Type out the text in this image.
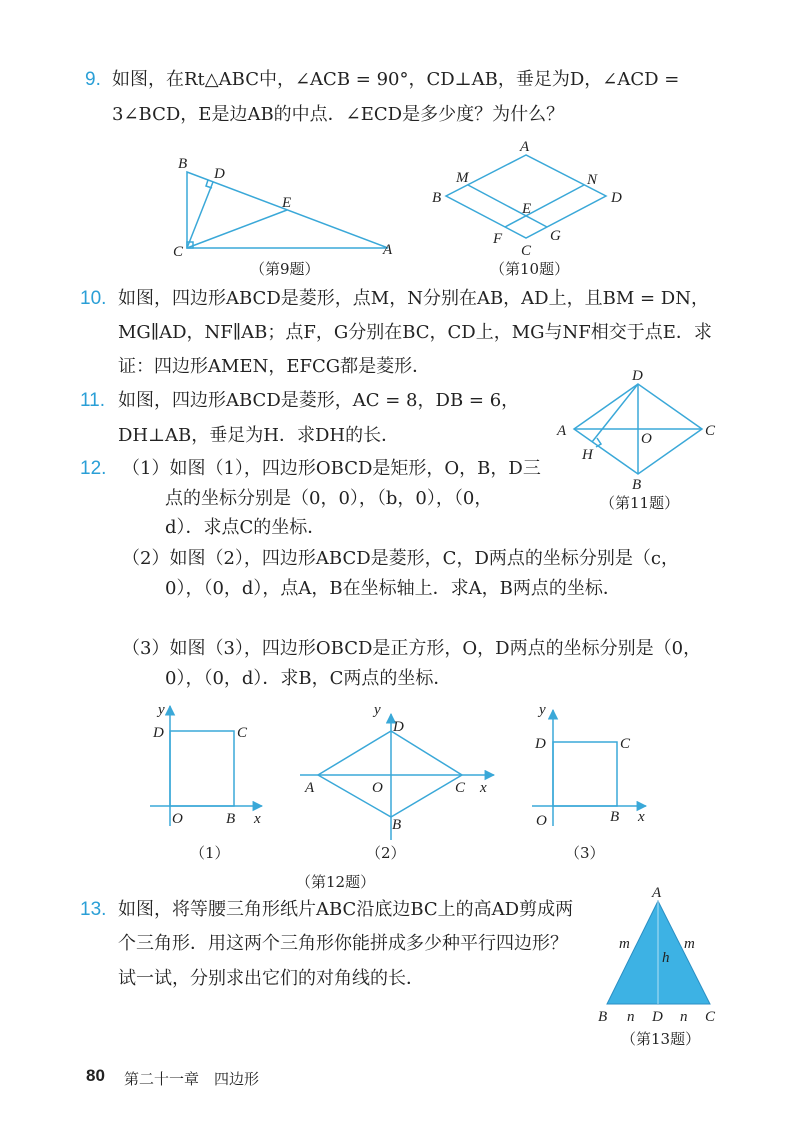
9. 如图，在Rt△ABC中，∠ACB = 90°，CD⊥AB，垂足为D，∠ACD =
3∠BCD，E是边AB的中点．∠ECD是多少度？为什么？
B
D
E
C	A
A
M	N
B	D
E
F
C
G
（第9题）	（第10题）
10. 如图，四边形ABCD是菱形，点M，N分别在AB，AD上，且BM = DN，
MG∥AD，NF∥AB；点F，G分别在BC，CD上，MG与NF相交于点E．求
证：四边形AMEN，EFCG都是菱形．
11. 如图，四边形ABCD是菱形，AC = 8，DB = 6，
DH⊥AB，垂足为H．求DH的长．
D
A	O	C
H
B
（第11题）
12. （1）如图（1），四边形OBCD是矩形，O，B，D三
点的坐标分别是（0，0），（b，0），（0，
d）．求点C的坐标．
（2）如图（2），四边形ABCD是菱形，C，D两点的坐标分别是（c，
0），（0，d），点A，B在坐标轴上．求A，B两点的坐标．
（3）如图（3），四边形OBCD是正方形，O，D两点的坐标分别是（0，
0），（0，d）．求B，C两点的坐标．
y
D	C
O	B x
y
D
A	O	C x
B
y
D	C
O	B x
（1）	（2）	（3）
（第12题）
13. 如图，将等腰三角形纸片ABC沿底边BC上的高AD剪成两
个三角形．用这两个三角形你能拼成多少种平行四边形？
试一试，分别求出它们的对角线的长．
A
m	m
h
B n D n C
（第13题）
80 第二十一章　四边形
